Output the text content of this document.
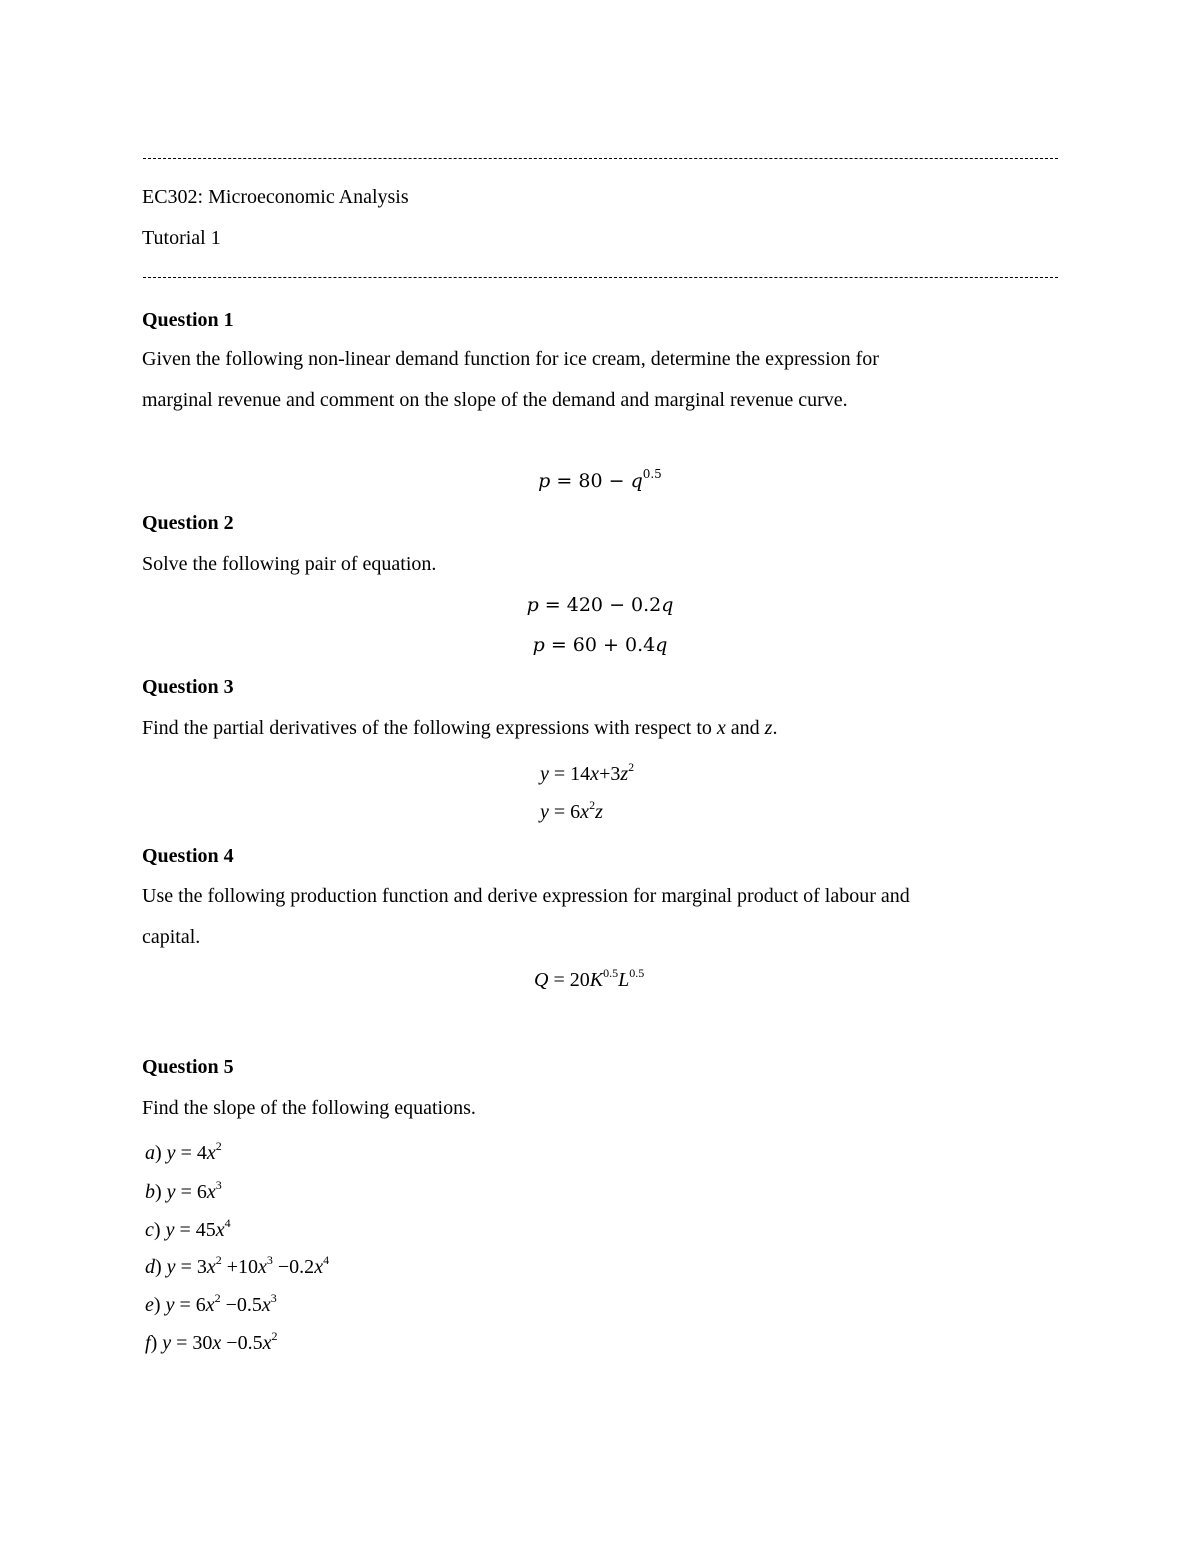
EC302: Microeconomic Analysis
Tutorial 1
Question 1
Given the following non-linear demand function for ice cream, determine the expression for
marginal revenue and comment on the slope of the demand and marginal revenue curve.
$p = 80 - q^{0.5}$
Question 2
Solve the following pair of equation.
p = 420 − 0.2q
p = 60 + 0.4q
Question 3
Find the partial derivatives of the following expressions with respect to x and z.
$y = 14x+3z^2$
$y = 6x^2z$
Question 4
Use the following production function and derive expression for marginal product of labour and
capital.
$Q = 20K^{0.5}L^{0.5}$
Question 5
Find the slope of the following equations.
a) $y = 4x^2$
b) $y = 6x^3$
c) $y = 45x^4$
d) $y = 3x^2 +10x^3 -0.2x^4$
e) $y = 6x^2 -0.5x^3$
f) $y = 30x -0.5x^2$
